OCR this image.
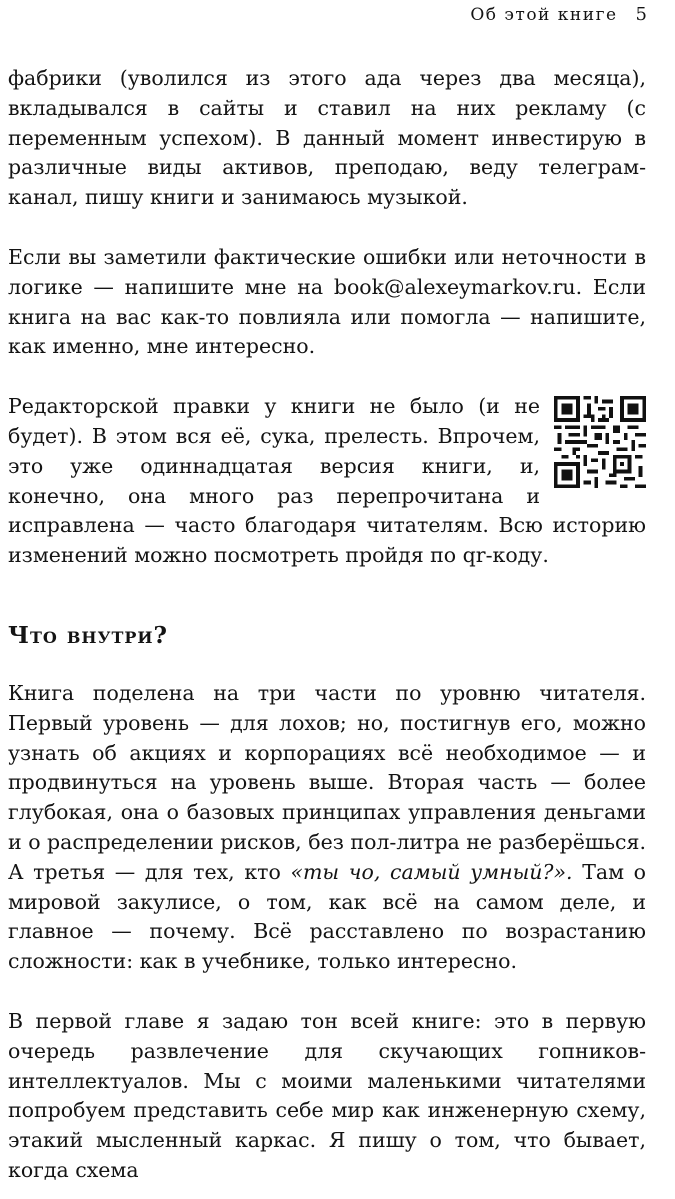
Об этой книге 5

фабрики (уволился из этого ада через два месяца), вкладывался в сайты и ставил на них рекламу (с переменным успехом). В данный момент инвестирую в различные виды активов, преподаю, веду телеграм-канал, пишу книги и занимаюсь музыкой.

Если вы заметили фактические ошибки или неточности в логике — напишите мне на book@alexeymarkov.ru. Если книга на вас как-то повлияла или помогла — напишите, как именно, мне интересно.

Редакторской правки у книги не было (и не будет). В этом вся её, сука, прелесть. Впрочем, это уже одиннадцатая версия книги, и, конечно, она много раз перепрочитана и исправлена — часто благодаря читателям. Всю историю изменений можно посмотреть пройдя по qr-коду.

Что внутри?

Книга поделена на три части по уровню читателя. Первый уровень — для лохов; но, постигнув его, можно узнать об акциях и корпорациях всё необходимое — и продвинуться на уровень выше. Вторая часть — более глубокая, она о базовых принципах управления деньгами и о распределении рисков, без пол-литра не разберёшься. А третья — для тех, кто «ты чо, самый умный?». Там о мировой закулисе, о том, как всё на самом деле, и главное — почему. Всё расставлено по возрастанию сложности: как в учебнике, только интересно.

В первой главе я задаю тон всей книге: это в первую очередь развлечение для скучающих гопников-интеллектуалов. Мы с моими маленькими читателями попробуем представить себе мир как инженерную схему, этакий мысленный каркас. Я пишу о том, что бывает, когда схема
